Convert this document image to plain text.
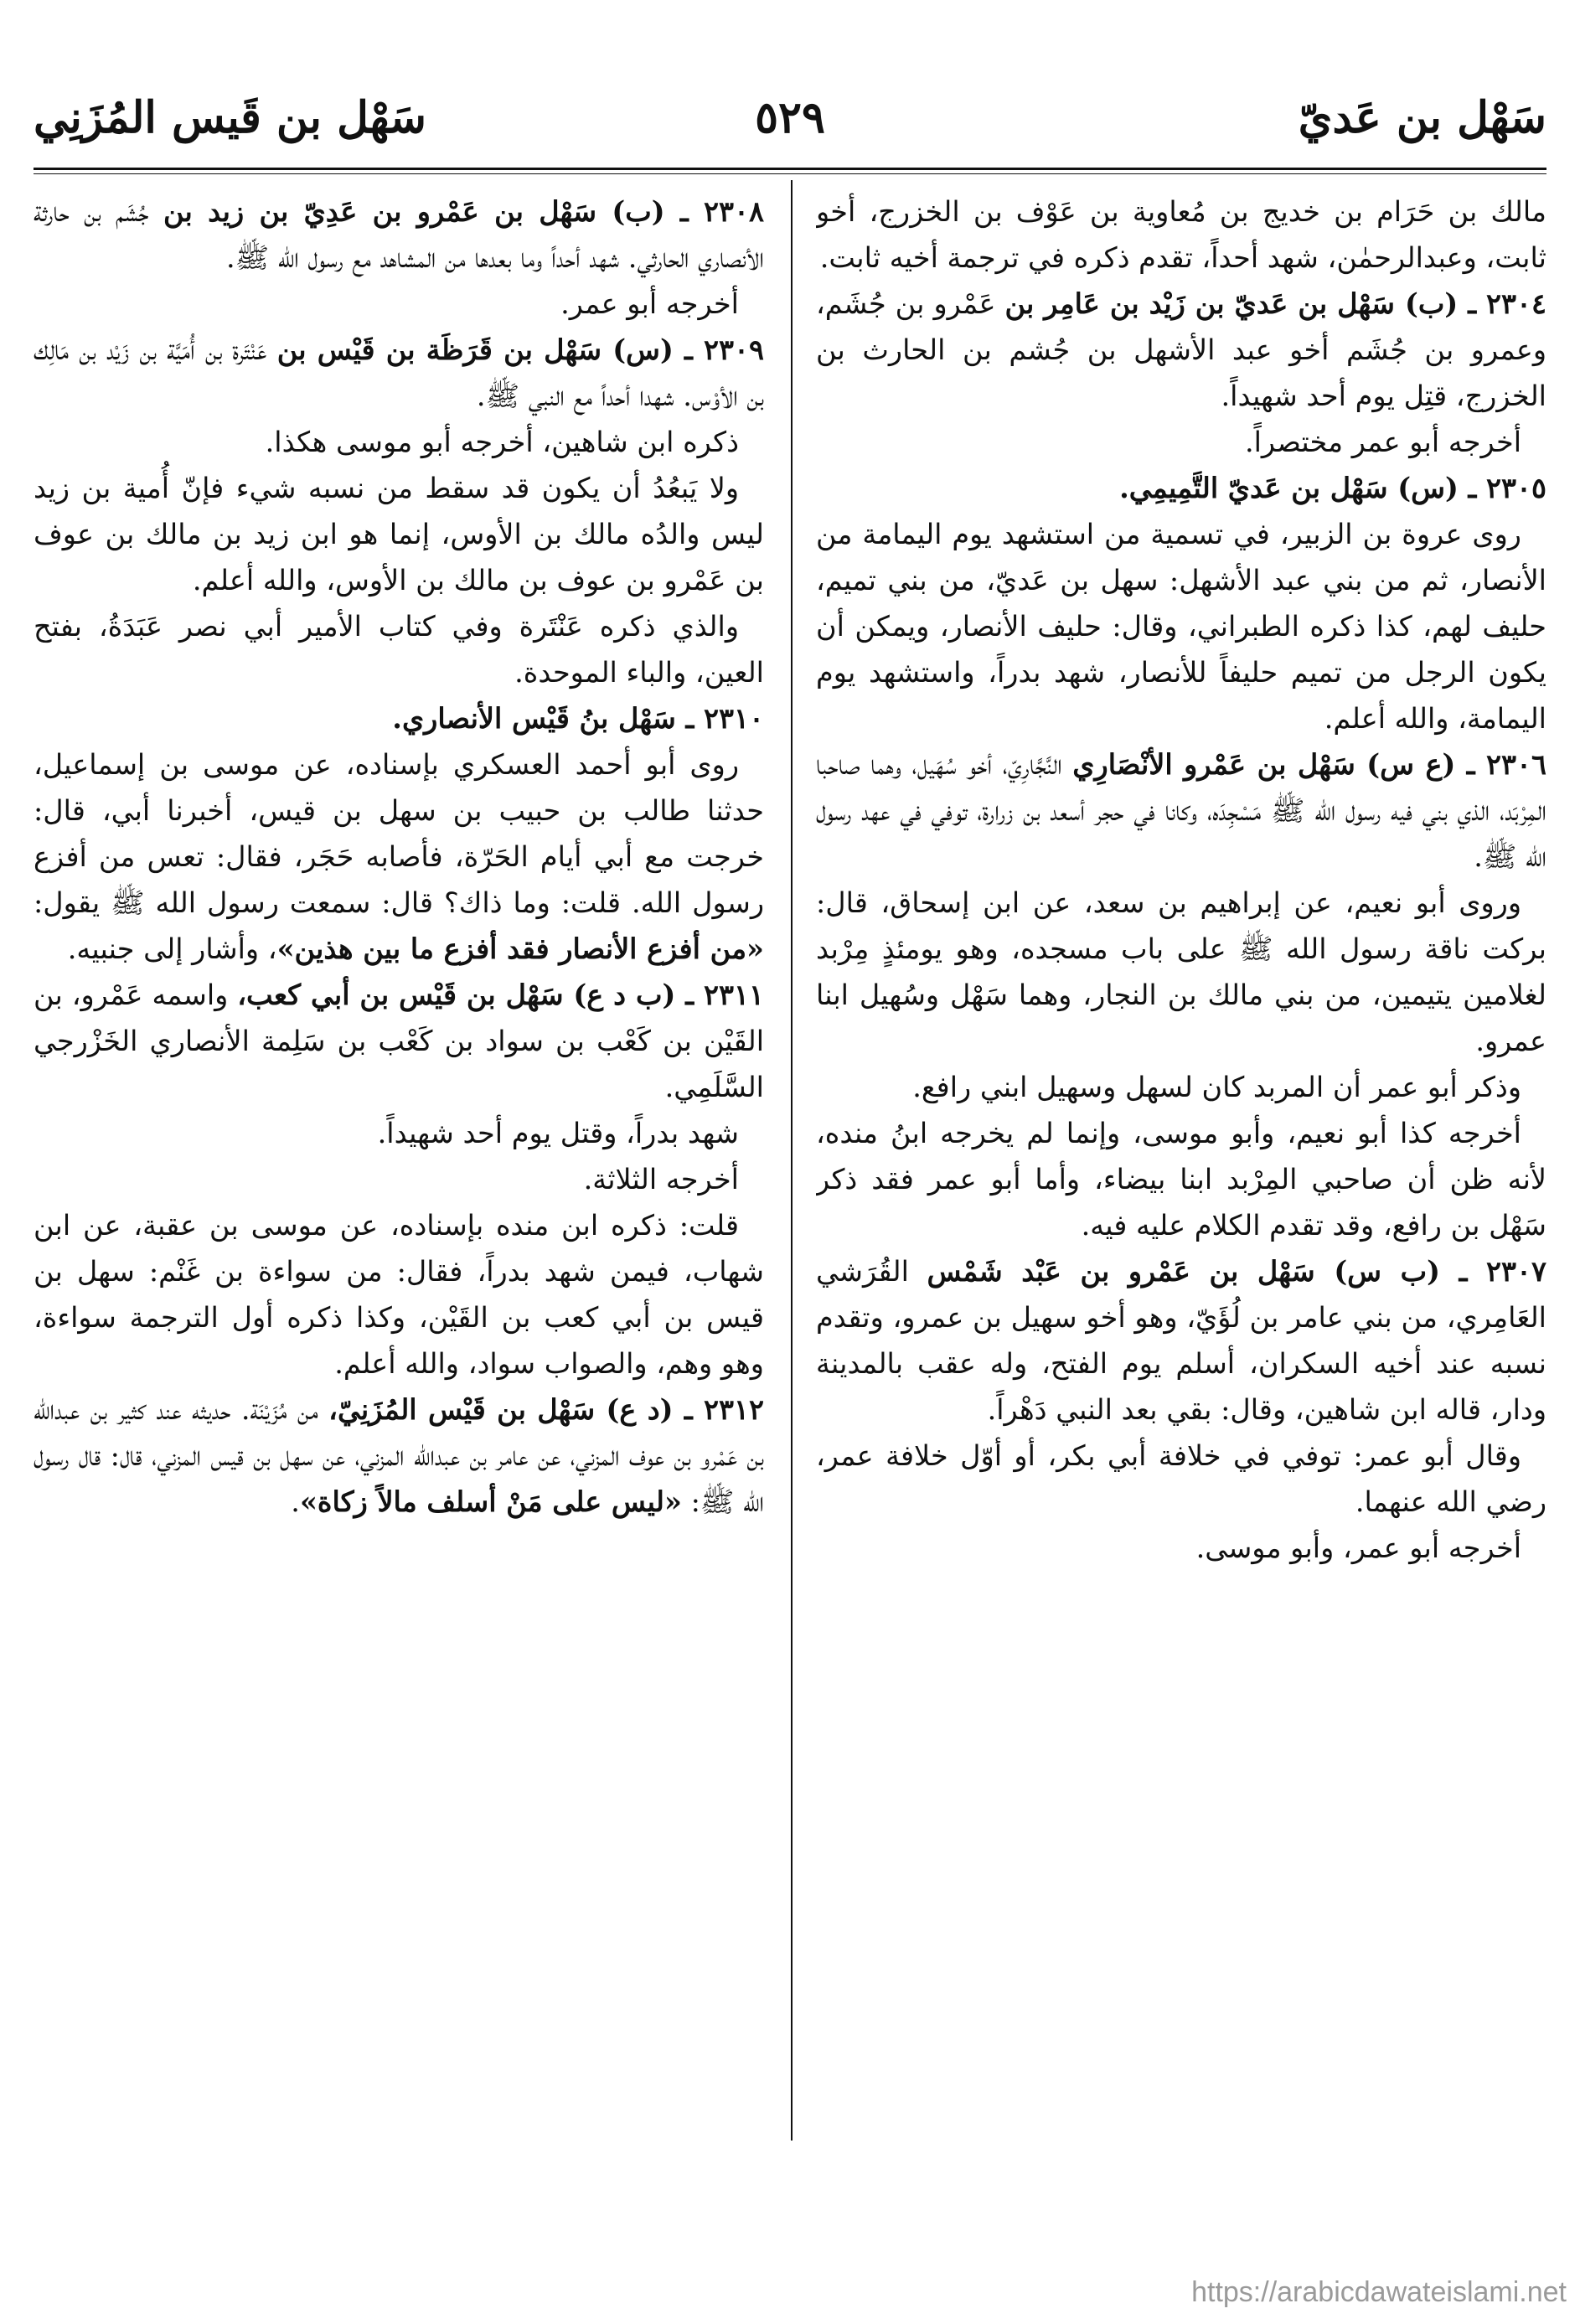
سَهْل بن عَديّ
٥٢٩
سَهْل بن قَيس المُزَنِي

مالك بن حَرَام بن خديج بن مُعاوية بن عَوْف بن الخزرج، أخو ثابت، وعبدالرحمٰن، شهد أحداً، تقدم ذكره في ترجمة أخيه ثابت.

٢٣٠٤ ـ (ب) سَهْل بن عَديّ بن زَيْد بن عَامِر بن عَمْرو بن جُشَم، وعمرو بن جُشَم أخو عبد الأشهل بن جُشم بن الحارث بن الخزرج، قتِل يوم أحد شهيداً.

أخرجه أبو عمر مختصراً.

٢٣٠٥ ـ (س) سَهْل بن عَديّ التَّمِيمِي.

روى عروة بن الزبير، في تسمية من استشهد يوم اليمامة من الأنصار، ثم من بني عبد الأشهل: سهل بن عَديّ، من بني تميم، حليف لهم، كذا ذكره الطبراني، وقال: حليف الأنصار، ويمكن أن يكون الرجل من تميم حليفاً للأنصار، شهد بدراً، واستشهد يوم اليمامة، والله أعلم.

٢٣٠٦ ـ (ع س) سَهْل بن عَمْرو الأنْصَارِي النَّجَّارِيّ، أخو سُهَيل، وهما صاحبا المِرْبَد، الذي بني فيه رسول الله ﷺ مَسْجِدَه، وكانا في حجر أسعد بن زرارة، توفي في عهد رسول الله ﷺ.

وروى أبو نعيم، عن إبراهيم بن سعد، عن ابن إسحاق، قال: بركت ناقة رسول الله ﷺ على باب مسجده، وهو يومئذٍ مِرْبد لغلامين يتيمين، من بني مالك بن النجار، وهما سَهْل وسُهيل ابنا عمرو.

وذكر أبو عمر أن المربد كان لسهل وسهيل ابني رافع.

أخرجه كذا أبو نعيم، وأبو موسى، وإنما لم يخرجه ابنُ منده، لأنه ظن أن صاحبي المِرْبد ابنا بيضاء، وأما أبو عمر فقد ذكر سَهْل بن رافع، وقد تقدم الكلام عليه فيه.

٢٣٠٧ ـ (ب س) سَهْل بن عَمْرو بن عَبْد شَمْس القُرَشي العَامِري، من بني عامر بن لُؤَيّ، وهو أخو سهيل بن عمرو، وتقدم نسبه عند أخيه السكران، أسلم يوم الفتح، وله عقب بالمدينة ودار، قاله ابن شاهين، وقال: بقي بعد النبي دَهْراً.

وقال أبو عمر: توفي في خلافة أبي بكر، أو أوّل خلافة عمر، رضي الله عنهما.

أخرجه أبو عمر، وأبو موسى.

٢٣٠٨ ـ (ب) سَهْل بن عَمْرو بن عَدِيّ بن زيد بن جُشَم بن حارثة الأنصاري الحارثي. شهد أحداً وما بعدها من المشاهد مع رسول الله ﷺ.

أخرجه أبو عمر.

٢٣٠٩ ـ (س) سَهْل بن قَرَظَة بن قَيْس بن عَنْتَرة بن أُمَيَّة بن زَيْد بن مَالِك بن الأوْس. شهدا أحداً مع النبي ﷺ.

ذكره ابن شاهين، أخرجه أبو موسى هكذا.

ولا يَبعُدُ أن يكون قد سقط من نسبه شيء فإنّ أُمية بن زيد ليس والدُه مالك بن الأوس، إنما هو ابن زيد بن مالك بن عوف بن عَمْرو بن عوف بن مالك بن الأوس، والله أعلم.

والذي ذكره عَنْتَرة وفي كتاب الأمير أبي نصر عَبَدَةُ، بفتح العين، والباء الموحدة.

٢٣١٠ ـ سَهْل بنُ قَيْس الأنصاري.

روى أبو أحمد العسكري بإسناده، عن موسى بن إسماعيل، حدثنا طالب بن حبيب بن سهل بن قيس، أخبرنا أبي، قال: خرجت مع أبي أيام الحَرّة، فأصابه حَجَر، فقال: تعس من أفزع رسول الله. قلت: وما ذاك؟ قال: سمعت رسول الله ﷺ يقول: «من أفزع الأنصار فقد أفزع ما بين هذين»، وأشار إلى جنبيه.

٢٣١١ ـ (ب د ع) سَهْل بن قَيْس بن أبي كعب، واسمه عَمْرو، بن القَيْن بن كَعْب بن سواد بن كَعْب بن سَلِمة الأنصاري الخَزْرجي السَّلَمِي.

شهد بدراً، وقتل يوم أحد شهيداً.

أخرجه الثلاثة.

قلت: ذكره ابن منده بإسناده، عن موسى بن عقبة، عن ابن شهاب، فيمن شهد بدراً، فقال: من سواءة بن غَنْم: سهل بن قيس بن أبي كعب بن القَيْن، وكذا ذكره أول الترجمة سواءة، وهو وهم، والصواب سواد، والله أعلم.

٢٣١٢ ـ (د ع) سَهْل بن قَيْس المُزَنِيّ، من مُزَيْنَة. حديثه عند كثير بن عبدالله بن عَمْرو بن عوف المزني، عن عامر بن عبدالله المزني، عن سهل بن قيس المزني، قال: قال رسول الله ﷺ: «ليس على مَنْ أسلف مالاً زكاة».

https://arabicdawateislami.net
